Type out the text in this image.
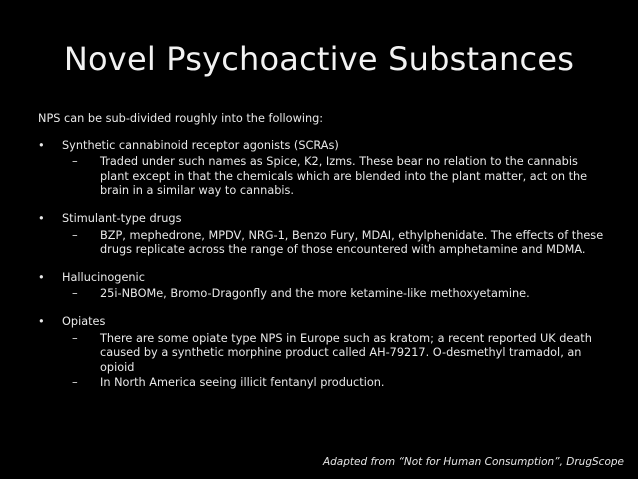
Novel Psychoactive Substances

NPS can be sub-divided roughly into the following:

•	Synthetic cannabinoid receptor agonists (SCRAs)
–	Traded under such names as Spice, K2, Izms. These bear no relation to the cannabis
plant except in that the chemicals which are blended into the plant matter, act on the
brain in a similar way to cannabis.
•	Stimulant-type drugs
–	BZP, mephedrone, MPDV, NRG-1, Benzo Fury, MDAI, ethylphenidate. The effects of these
drugs replicate across the range of those encountered with amphetamine and MDMA.
•	Hallucinogenic
–	25i-NBOMe, Bromo-Dragonfly and the more ketamine-like methoxyetamine.
•	Opiates
–	There are some opiate type NPS in Europe such as kratom; a recent reported UK death
caused by a synthetic morphine product called AH-79217. O-desmethyl tramadol, an
opioid
–	In North America seeing illicit fentanyl production.
Adapted from “Not for Human Consumption”, DrugScope
